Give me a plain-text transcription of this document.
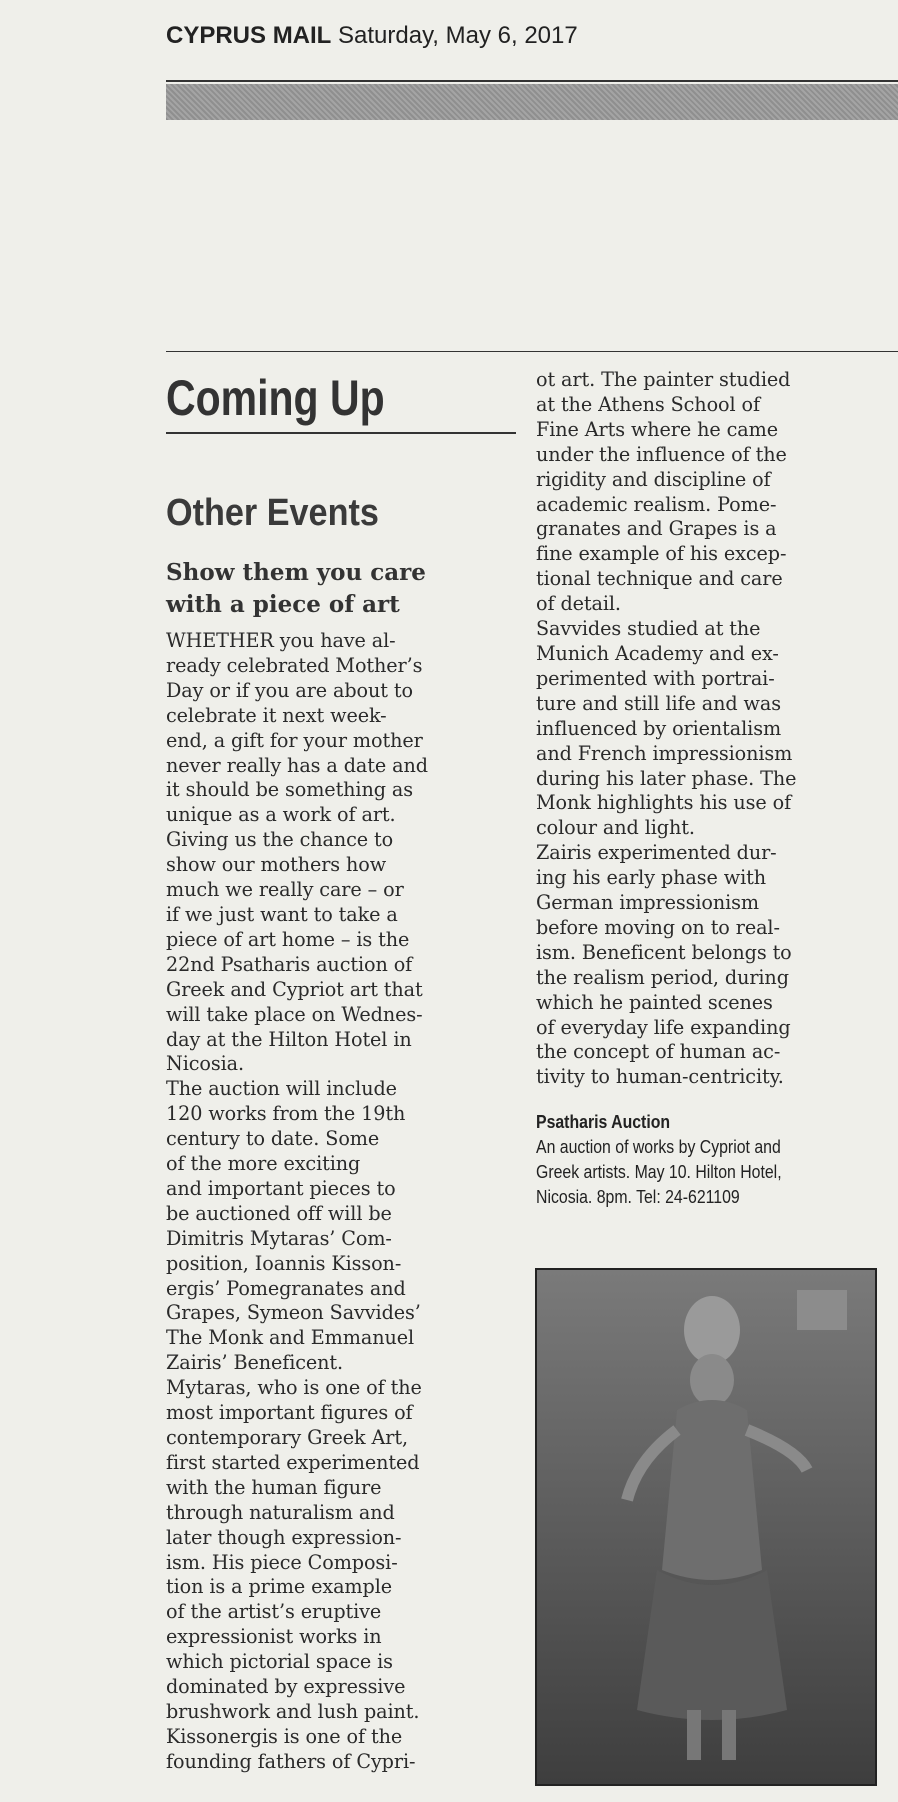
CYPRUS MAIL Saturday, May 6, 2017
Coming Up
Other Events
Show them you care
with a piece of art

WHETHER you have al-

ready celebrated Mother’s

Day or if you are about to

celebrate it next week-

end, a gift for your mother

never really has a date and

it should be something as

unique as a work of art.

Giving us the chance to

show our mothers how

much we really care – or

if we just want to take a

piece of art home – is the

22nd Psatharis auction of

Greek and Cypriot art that

will take place on Wednes-

day at the Hilton Hotel in

Nicosia.

The auction will include

120 works from the 19th

century to date. Some

of the more exciting

and important pieces to

be auctioned off will be

Dimitris Mytaras’ Com-

position, Ioannis Kisson-

ergis’ Pomegranates and

Grapes, Symeon Savvides’

The Monk and Emmanuel

Zairis’ Beneficent.

Mytaras, who is one of the

most important figures of

contemporary Greek Art,

first started experimented

with the human figure

through naturalism and

later though expression-

ism. His piece Composi-

tion is a prime example

of the artist’s eruptive

expressionist works in

which pictorial space is

dominated by expressive

brushwork and lush paint.

Kissonergis is one of the

founding fathers of Cypri-

ot art. The painter studied

at the Athens School of

Fine Arts where he came

under the influence of the

rigidity and discipline of

academic realism. Pome-

granates and Grapes is a

fine example of his excep-

tional technique and care

of detail.

Savvides studied at the

Munich Academy and ex-

perimented with portrai-

ture and still life and was

influenced by orientalism

and French impressionism

during his later phase. The

Monk highlights his use of

colour and light.

Zairis experimented dur-

ing his early phase with

German impressionism

before moving on to real-

ism. Beneficent belongs to

the realism period, during

which he painted scenes

of everyday life expanding

the concept of human ac-

tivity to human-centricity.

Psatharis Auction
An auction of works by Cypriot and
Greek artists. May 10. Hilton Hotel,
Nicosia. 8pm. Tel: 24-621109
